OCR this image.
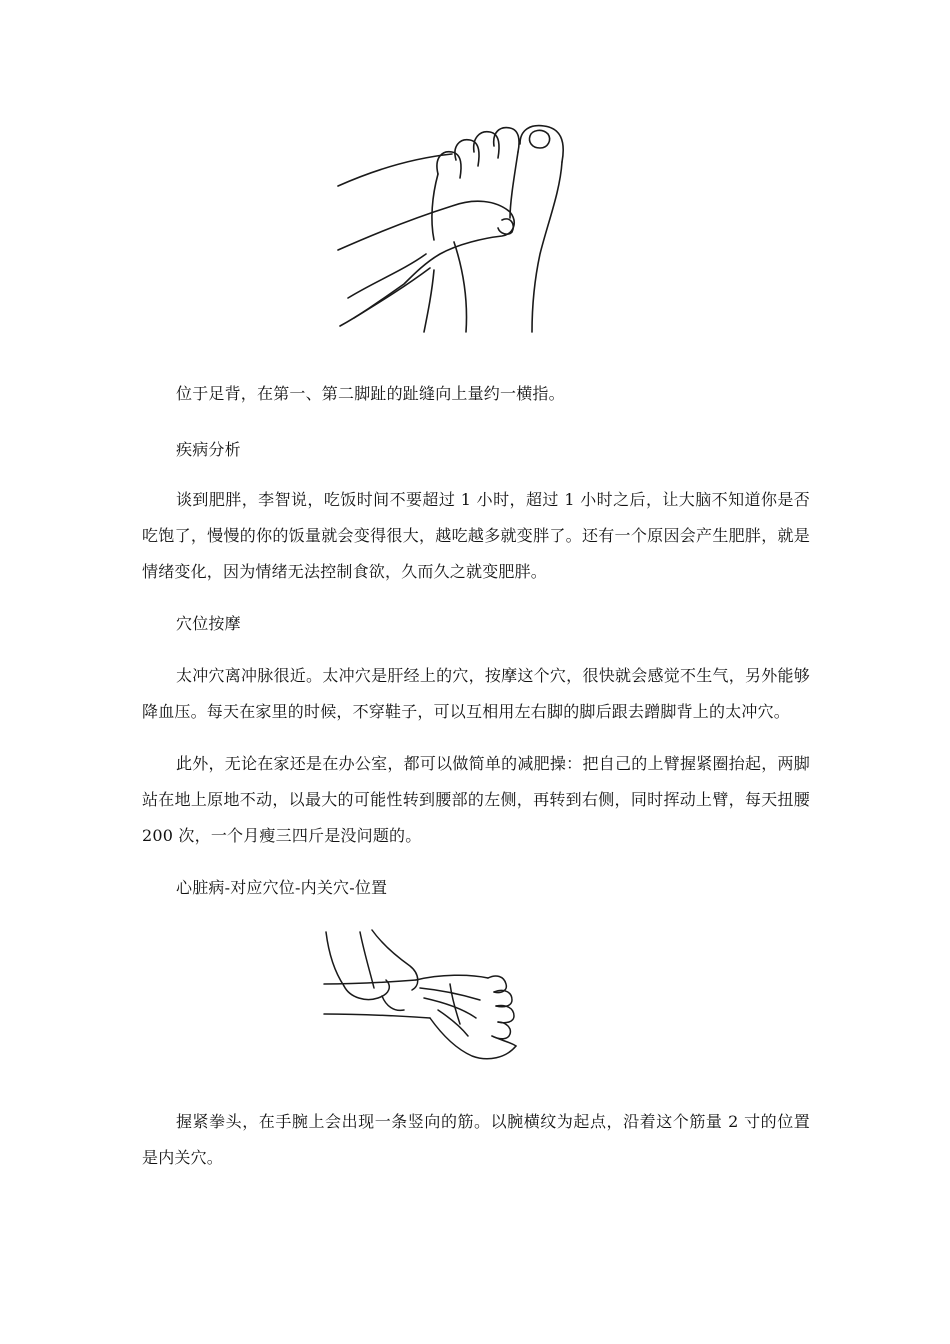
位于足背，在第一、第二脚趾的趾缝向上量约一横指。

疾病分析

谈到肥胖，李智说，吃饭时间不要超过 1 小时，超过 1 小时之后，让大脑不知道你是否吃饱了，慢慢的你的饭量就会变得很大，越吃越多就变胖了。还有一个原因会产生肥胖，就是情绪变化，因为情绪无法控制食欲，久而久之就变肥胖。

穴位按摩

太冲穴离冲脉很近。太冲穴是肝经上的穴，按摩这个穴，很快就会感觉不生气，另外能够降血压。每天在家里的时候，不穿鞋子，可以互相用左右脚的脚后跟去蹭脚背上的太冲穴。

此外，无论在家还是在办公室，都可以做简单的减肥操：把自己的上臂握紧圈抬起，两脚站在地上原地不动，以最大的可能性转到腰部的左侧，再转到右侧，同时挥动上臂，每天扭腰 200 次，一个月瘦三四斤是没问题的。

心脏病-对应穴位-内关穴-位置

握紧拳头，在手腕上会出现一条竖向的筋。以腕横纹为起点，沿着这个筋量 2 寸的位置是内关穴。
